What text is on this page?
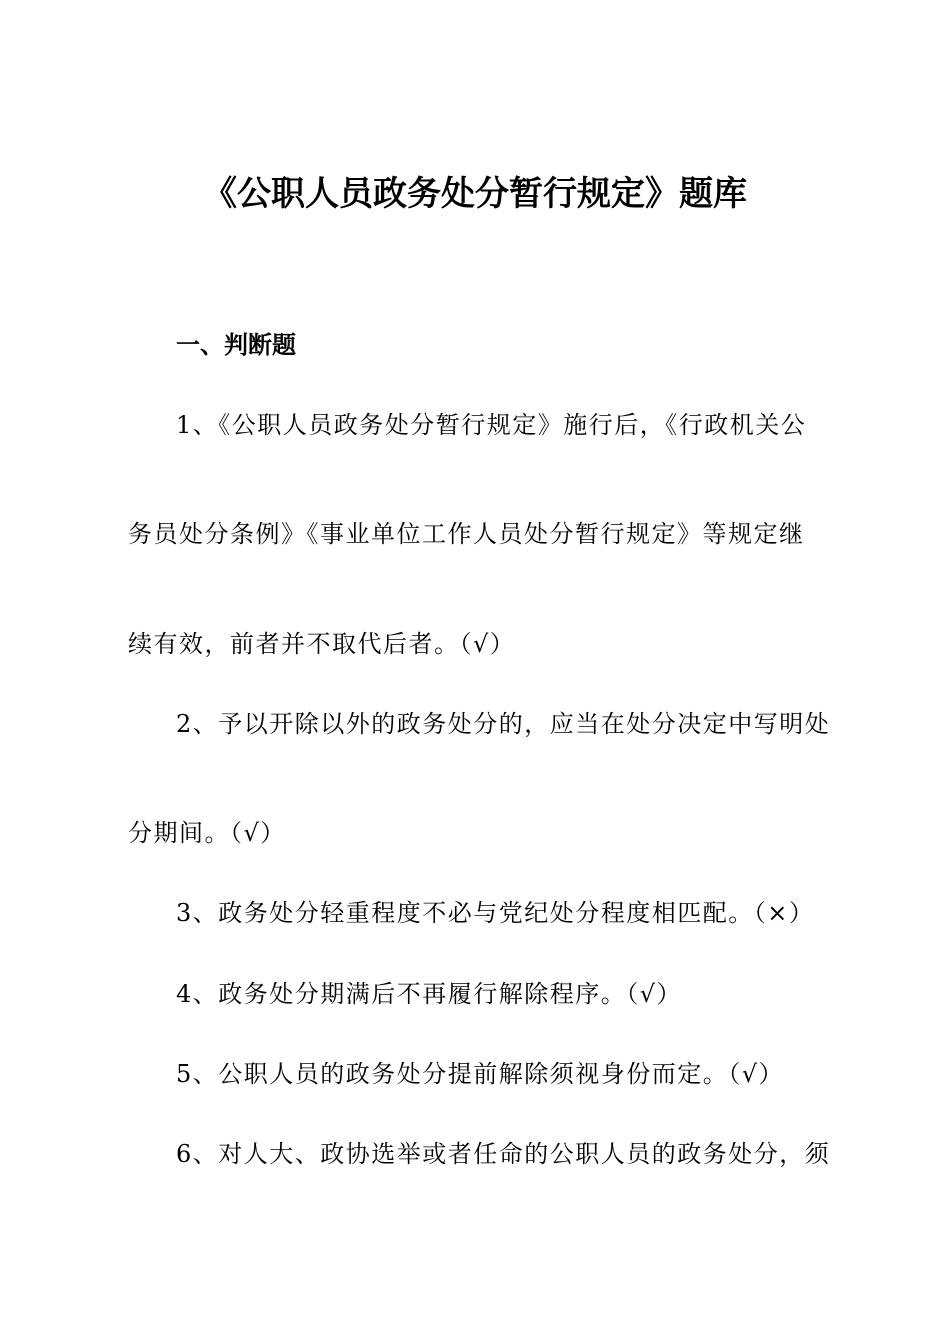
《公职人员政务处分暂行规定》题库
一、判断题

1、《公职人员政务处分暂行规定》施行后，《行政机关公

务员处分条例》《事业单位工作人员处分暂行规定》等规定继

续有效，前者并不取代后者。（√）

2、予以开除以外的政务处分的，应当在处分决定中写明处

分期间。（√）

3、政务处分轻重程度不必与党纪处分程度相匹配。（×）

4、政务处分期满后不再履行解除程序。（√）

5、公职人员的政务处分提前解除须视身份而定。（√）

6、对人大、政协选举或者任命的公职人员的政务处分，须
